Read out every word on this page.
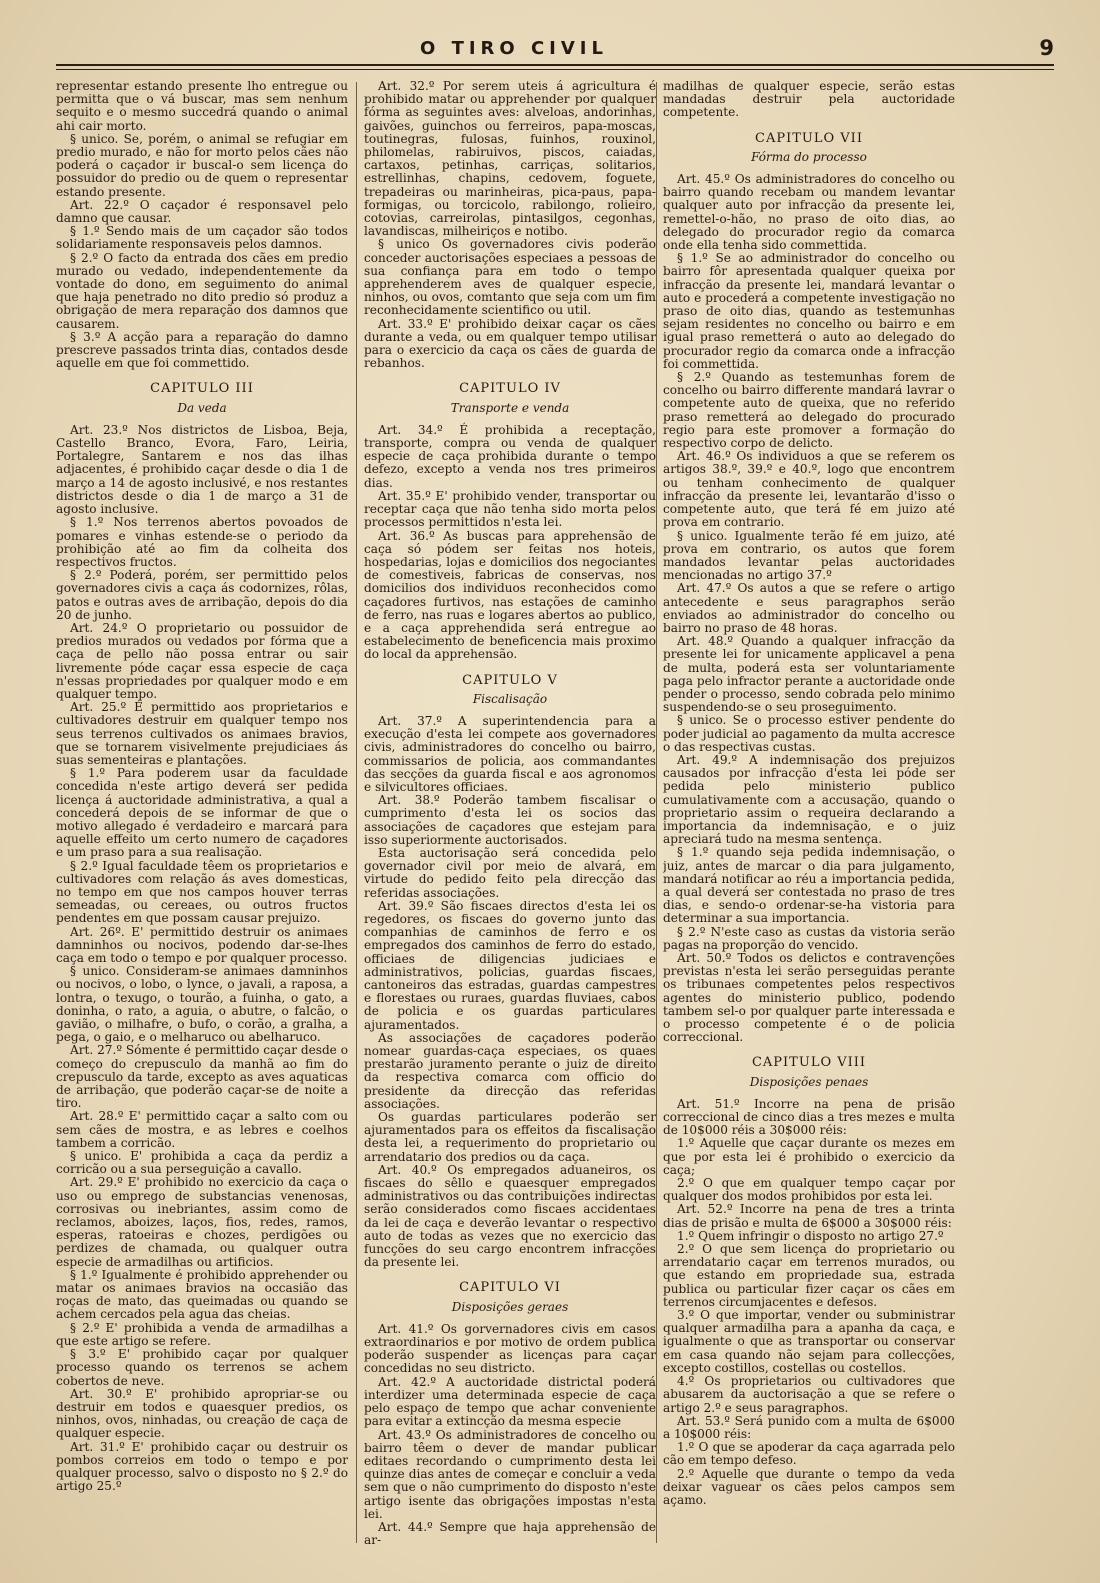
O TIRO CIVIL	9

representar estando presente lho entregue ou permitta que o vá buscar, mas sem nenhum sequito e o mesmo succedrá quando o animal ahi cair morto.

§ unico. Se, porém, o animal se refugiar em predio murado, e não for morto pelos cães não poderá o caçador ir buscal-o sem licença do possuidor do predio ou de quem o representar estando presente.

Art. 22.º O caçador é responsavel pelo damno que causar.

§ 1.º Sendo mais de um caçador são todos solidariamente responsaveis pelos damnos.

§ 2.º O facto da entrada dos cães em predio murado ou vedado, independentemente da vontade do dono, em seguimento do animal que haja penetrado no dito predio só produz a obrigação de mera reparação dos damnos que causarem.

§ 3.º A acção para a reparação do damno prescreve passados trinta dias, contados desde aquelle em que foi commettido.

CAPITULO III
Da veda

Art. 23.º Nos districtos de Lisboa, Beja, Castello Branco, Evora, Faro, Leiria, Portalegre, Santarem e nos das ilhas adjacentes, é prohibido caçar desde o dia 1 de março a 14 de agosto inclusivé, e nos restantes districtos desde o dia 1 de março a 31 de agosto inclusive.

§ 1.º Nos terrenos abertos povoados de pomares e vinhas estende-se o periodo da prohibição até ao fim da colheita dos respectivos fructos.

§ 2.º Poderá, porém, ser permittido pelos governadores civis a caça ás codornizes, rôlas, patos e outras aves de arribação, depois do dia 20 de junho.

Art. 24.º O proprietario ou possuidor de predios murados ou vedados por fórma que a caça de pello não possa entrar ou sair livremente póde caçar essa especie de caça n'essas propriedades por qualquer modo e em qualquer tempo.

Art. 25.º É permittido aos proprietarios e cultivadores destruir em qualquer tempo nos seus terrenos cultivados os animaes bravios, que se tornarem visivelmente prejudiciaes ás suas sementeiras e plantações.

§ 1.º Para poderem usar da faculdade concedida n'este artigo deverá ser pedida licença á auctoridade administrativa, a qual a concederá depois de se informar de que o motivo allegado é verdadeiro e marcará para aquelle effeito um certo numero de caçadores e um praso para a sua realisação.

§ 2.º Igual faculdade têem os proprietarios e cultivadores com relação ás aves domesticas, no tempo em que nos campos houver terras semeadas, ou cereaes, ou outros fructos pendentes em que possam causar prejuizo.

Art. 26º. E' permittido destruir os animaes damninhos ou nocivos, podendo dar-se-lhes caça em todo o tempo e por qualquer processo.

§ unico. Consideram-se animaes damninhos ou nocivos, o lobo, o lynce, o javali, a raposa, a lontra, o texugo, o tourão, a fuinha, o gato, a doninha, o rato, a aguia, o abutre, o falcão, o gavião, o milhafre, o bufo, o corão, a gralha, a pega, o gaio, e o melharuco ou abelharuco.

Art. 27.º Sómente é permittido caçar desde o começo do crepusculo da manhã ao fim do crepusculo da tarde, excepto as aves aquaticas de arribação, que poderão caçar-se de noite a tiro.

Art. 28.º E' permittido caçar a salto com ou sem cães de mostra, e as lebres e coelhos tambem a corricão.

§ unico. E' prohibida a caça da perdiz a corricão ou a sua perseguição a cavallo.

Art. 29.º E' prohibido no exercicio da caça o uso ou emprego de substancias venenosas, corrosivas ou inebriantes, assim como de reclamos, aboizes, laços, fios, redes, ramos, esperas, ratoeiras e chozes, perdigões ou perdizes de chamada, ou qualquer outra especie de armadilhas ou artificios.

§ 1.º Igualmente é prohibido apprehender ou matar os animaes bravios na occasião das roças de mato, das queimadas ou quando se achem cercados pela agua das cheias.

§ 2.º E' prohibida a venda de armadilhas a que este artigo se refere.

§ 3.º E' prohibido caçar por qualquer processo quando os terrenos se achem cobertos de neve.

Art. 30.º E' prohibido apropriar-se ou destruir em todos e quaesquer predios, os ninhos, ovos, ninhadas, ou creação de caça de qualquer especie.

Art. 31.º E' prohibido caçar ou destruir os pombos correios em todo o tempo e por qualquer processo, salvo o disposto no § 2.º do artigo 25.º

Art. 32.º Por serem uteis á agricultura é prohibido matar ou apprehender por qualquer fórma as seguintes aves: alveloas, andorinhas, gaivões, guinchos ou ferreiros, papa-moscas, toutinegras, fulosas, fuinhos, rouxinol, philomelas, rabiruivos, piscos, caiadas, cartaxos, petinhas, carriças, solitarios, estrellinhas, chapins, cedovem, foguete, trepadeiras ou marinheiras, pica-paus, papa-formigas, ou torcicolo, rabilongo, rolieiro, cotovias, carreirolas, pintasilgos, cegonhas, lavandiscas, milheiriços e notibo.

§ unico Os governadores civis poderão conceder auctorisações especiaes a pessoas de sua confiança para em todo o tempo apprehenderem aves de qualquer especie, ninhos, ou ovos, comtanto que seja com um fim reconhecidamente scientifico ou util.

Art. 33.º E' prohibido deixar caçar os cães durante a veda, ou em qualquer tempo utilisar para o exercicio da caça os cães de guarda de rebanhos.

CAPITULO IV
Transporte e venda

Art. 34.º É prohibida a receptação, transporte, compra ou venda de qualquer especie de caça prohibida durante o tempo defezo, excepto a venda nos tres primeiros dias.

Art. 35.º E' prohibido vender, transportar ou receptar caça que não tenha sido morta pelos processos permittidos n'esta lei.

Art. 36.º As buscas para apprehensão de caça só pódem ser feitas nos hoteis, hospedarias, lojas e domicilios dos negociantes de comestiveis, fabricas de conservas, nos domicilios dos individuos reconhecidos como caçadores furtivos, nas estações de caminho de ferro, nas ruas e logares abertos ao publico, e a caça apprehendida será entregue ao estabelecimento de beneficencia mais proximo do local da apprehensão.

CAPITULO V
Fiscalisação

Art. 37.º A superintendencia para a execução d'esta lei compete aos governadores civis, administradores do concelho ou bairro, commissarios de policia, aos commandantes das secções da guarda fiscal e aos agronomos e silvicultores officiaes.

Art. 38.º Poderão tambem fiscalisar o cumprimento d'esta lei os socios das associações de caçadores que estejam para isso superiormente auctorisados.

Esta auctorisação será concedida pelo governador civil por meio de alvará, em virtude do pedido feito pela direcção das referidas associações.

Art. 39.º São fiscaes directos d'esta lei os regedores, os fiscaes do governo junto das companhias de caminhos de ferro e os empregados dos caminhos de ferro do estado, officiaes de diligencias judiciaes e administrativos, policias, guardas fiscaes, cantoneiros das estradas, guardas campestres e florestaes ou ruraes, guardas fluviaes, cabos de policia e os guardas particulares ajuramentados.

As associações de caçadores poderão nomear guardas-caça especiaes, os quaes prestarão juramento perante o juiz de direito da respectiva comarca com officio do presidente da direcção das referidas associações.

Os guardas particulares poderão ser ajuramentados para os effeitos da fiscalisação desta lei, a requerimento do proprietario ou arrendatario dos predios ou da caça.

Art. 40.º Os empregados aduaneiros, os fiscaes do sêllo e quaesquer empregados administrativos ou das contribuições indirectas serão considerados como fiscaes accidentaes da lei de caça e deverão levantar o respectivo auto de todas as vezes que no exercicio das funcções do seu cargo encontrem infracções da presente lei.

CAPITULO VI
Disposições geraes

Art. 41.º Os gorvernadores civis em casos extraordinarios e por motivo de ordem publica poderão suspender as licenças para caçar concedidas no seu districto.

Art. 42.º A auctoridade districtal poderá interdizer uma determinada especie de caça pelo espaço de tempo que achar conveniente para evitar a extincção da mesma especie

Art. 43.º Os administradores de concelho ou bairro têem o dever de mandar publicar editaes recordando o cumprimento desta lei quinze dias antes de começar e concluir a veda sem que o não cumprimento do disposto n'este artigo isente das obrigações impostas n'esta lei.

Art. 44.º Sempre que haja apprehensão de ar-

madilhas de qualquer especie, serão estas mandadas destruir pela auctoridade competente.

CAPITULO VII
Fórma do processo

Art. 45.º Os administradores do concelho ou bairro quando recebam ou mandem levantar qualquer auto por infracção da presente lei, remettel-o-hão, no praso de oito dias, ao delegado do procurador regio da comarca onde ella tenha sido commettida.

§ 1.º Se ao administrador do concelho ou bairro fôr apresentada qualquer queixa por infracção da presente lei, mandará levantar o auto e procederá a competente investigação no praso de oito dias, quando as testemunhas sejam residentes no concelho ou bairro e em igual praso remetterá o auto ao delegado do procurador regio da comarca onde a infracção foi commettida.

§ 2.º Quando as testemunhas forem de concelho ou bairro differente mandará lavrar o competente auto de queixa, que no referido praso remetterá ao delegado do procurado regio para este promover a formação do respectivo corpo de delicto.

Art. 46.º Os individuos a que se referem os artigos 38.º, 39.º e 40.º, logo que encontrem ou tenham conhecimento de qualquer infracção da presente lei, levantarão d'isso o competente auto, que terá fé em juizo até prova em contrario.

§ unico. Igualmente terão fé em juizo, até prova em contrario, os autos que forem mandados levantar pelas auctoridades mencionadas no artigo 37.º

Art. 47.º Os autos a que se refere o artigo antecedente e seus paragraphos serão enviados ao administrador do concelho ou bairro no praso de 48 horas.

Art. 48.º Quando a qualquer infracção da presente lei for unicamente applicavel a pena de multa, poderá esta ser voluntariamente paga pelo infractor perante a auctoridade onde pender o processo, sendo cobrada pelo minimo suspendendo-se o seu proseguimento.

§ unico. Se o processo estiver pendente do poder judicial ao pagamento da multa accresce o das respectivas custas.

Art. 49.º A indemnisação dos prejuizos causados por infracção d'esta lei póde ser pedida pelo ministerio publico cumulativamente com a accusação, quando o proprietario assim o requeira declarando a importancia da indemnisação, e o juiz apreciará tudo na mesma sentença.

§ 1.º quando seja pedida indemnisação, o juiz, antes de marcar o dia para julgamento, mandará notificar ao réu a importancia pedida, a qual deverá ser contestada no praso de tres dias, e sendo-o ordenar-se-ha vistoria para determinar a sua importancia.

§ 2.º N'este caso as custas da vistoria serão pagas na proporção do vencido.

Art. 50.º Todos os delictos e contravenções previstas n'esta lei serão perseguidas perante os tribunaes competentes pelos respectivos agentes do ministerio publico, podendo tambem sel-o por qualquer parte interessada e o processo competente é o de policia correccional.

CAPITULO VIII
Disposições penaes

Art. 51.º Incorre na pena de prisão correccional de cinco dias a tres mezes e multa de 10$000 réis a 30$000 réis:

1.º Aquelle que caçar durante os mezes em que por esta lei é prohibido o exercicio da caça;

2.º O que em qualquer tempo caçar por qualquer dos modos prohibidos por esta lei.

Art. 52.º Incorre na pena de tres a trinta dias de prisão e multa de 6$000 a 30$000 réis:

1.º Quem infringir o disposto no artigo 27.º

2.º O que sem licença do proprietario ou arrendatario caçar em terrenos murados, ou que estando em propriedade sua, estrada publica ou particular fizer caçar os cães em terrenos circumjacentes e defesos.

3.º O que importar, vender ou subministrar qualquer armadilha para a apanha da caça, e igualmente o que as transportar ou conservar em casa quando não sejam para collecções, excepto costillos, costellas ou costellos.

4.º Os proprietarios ou cultivadores que abusarem da auctorisação a que se refere o artigo 2.º e seus paragraphos.

Art. 53.º Será punido com a multa de 6$000 a 10$000 réis:

1.º O que se apoderar da caça agarrada pelo cão em tempo defeso.

2.º Aquelle que durante o tempo da veda deixar vaguear os cães pelos campos sem açamo.
